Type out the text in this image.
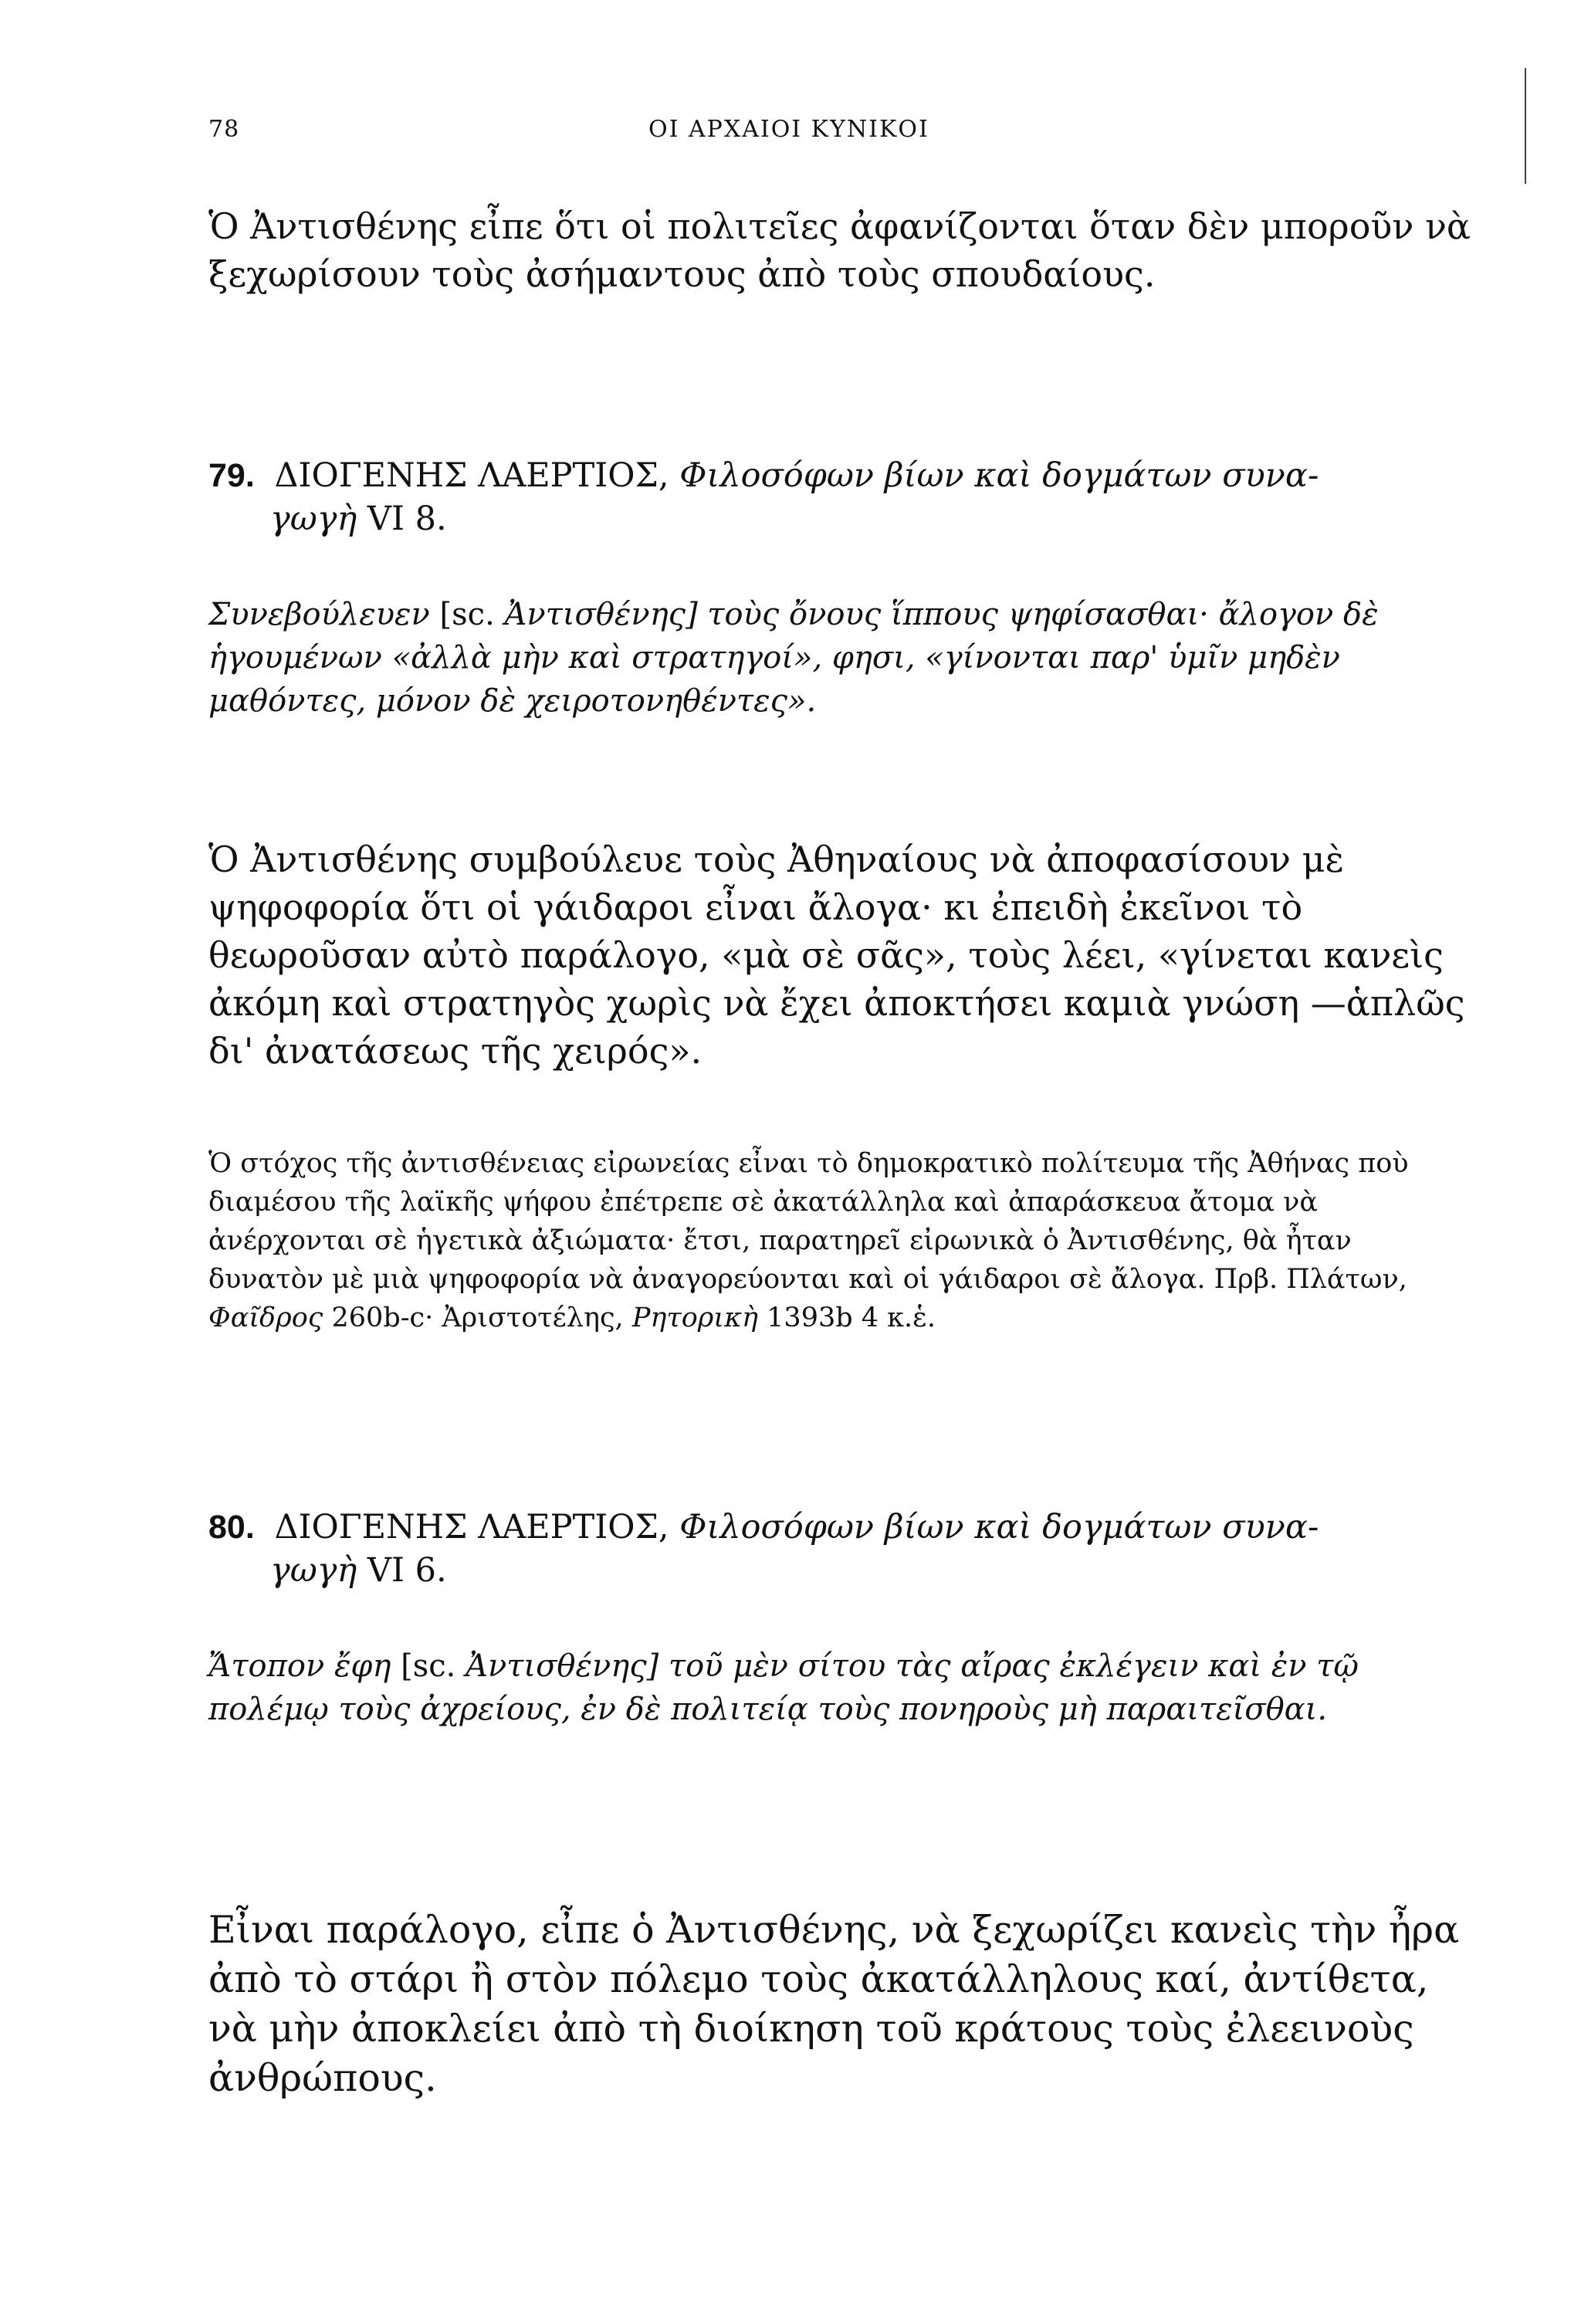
78	ΟΙ ΑΡΧΑΙΟΙ ΚΥΝΙΚΟΙ

Ὁ Ἀντισθένης εἶπε ὅτι οἱ πολιτεῖες ἀφανίζονται ὅταν δὲν μποροῦν νὰ ξεχωρίσουν τοὺς ἀσήμαντους ἀπὸ τοὺς σπουδαίους.

79. ΔΙΟΓΕΝΗΣ ΛΑΕΡΤΙΟΣ, Φιλοσόφων βίων καὶ δογμάτων συνα-
γωγὴ VI 8.

Συνεβούλευεν [sc. Ἀντισθένης] τοὺς ὄνους ἵππους ψηφίσασθαι· ἄλογον δὲ ἡγουμένων «ἀλλὰ μὴν καὶ στρατηγοί», φησι, «γίνονται παρ' ὑμῖν μηδὲν μαθόντες, μόνον δὲ χειροτονηθέντες».

Ὁ Ἀντισθένης συμβούλευε τοὺς Ἀθηναίους νὰ ἀποφασίσουν μὲ ψηφοφορία ὅτι οἱ γάιδαροι εἶναι ἄλογα· κι ἐπειδὴ ἐκεῖνοι τὸ θεωροῦσαν αὐτὸ παράλογο, «μὰ σὲ σᾶς», τοὺς λέει, «γίνεται κανεὶς ἀκόμη καὶ στρατηγὸς χωρὶς νὰ ἔχει ἀποκτήσει καμιὰ γνώση —ἁπλῶς δι' ἀνατάσεως τῆς χειρός».

Ὁ στόχος τῆς ἀντισθένειας εἰρωνείας εἶναι τὸ δημοκρατικὸ πολίτευμα τῆς Ἀθήνας ποὺ διαμέσου τῆς λαϊκῆς ψήφου ἐπέτρεπε σὲ ἀκατάλληλα καὶ ἀπαράσκευα ἄτομα νὰ ἀνέρχονται σὲ ἡγετικὰ ἀξιώματα· ἔτσι, παρατηρεῖ εἰρωνικὰ ὁ Ἀντισθένης, θὰ ἦταν δυνατὸν μὲ μιὰ ψηφοφορία νὰ ἀναγορεύονται καὶ οἱ γάιδαροι σὲ ἄλογα. Πρβ. Πλάτων, Φαῖδρος 260b-c· Ἀριστοτέλης, Ρητορικὴ 1393b 4 κ.ἑ.

80. ΔΙΟΓΕΝΗΣ ΛΑΕΡΤΙΟΣ, Φιλοσόφων βίων καὶ δογμάτων συνα-
γωγὴ VI 6.

Ἄτοπον ἔφη [sc. Ἀντισθένης] τοῦ μὲν σίτου τὰς αἴρας ἐκλέγειν καὶ ἐν τῷ πολέμῳ τοὺς ἀχρείους, ἐν δὲ πολιτείᾳ τοὺς πονηροὺς μὴ παραιτεῖσθαι.

Εἶναι παράλογο, εἶπε ὁ Ἀντισθένης, νὰ ξεχωρίζει κανεὶς τὴν ἦρα ἀπὸ τὸ στάρι ἢ στὸν πόλεμο τοὺς ἀκατάλληλους καί, ἀντίθετα, νὰ μὴν ἀποκλείει ἀπὸ τὴ διοίκηση τοῦ κράτους τοὺς ἐλεεινοὺς ἀνθρώπους.
